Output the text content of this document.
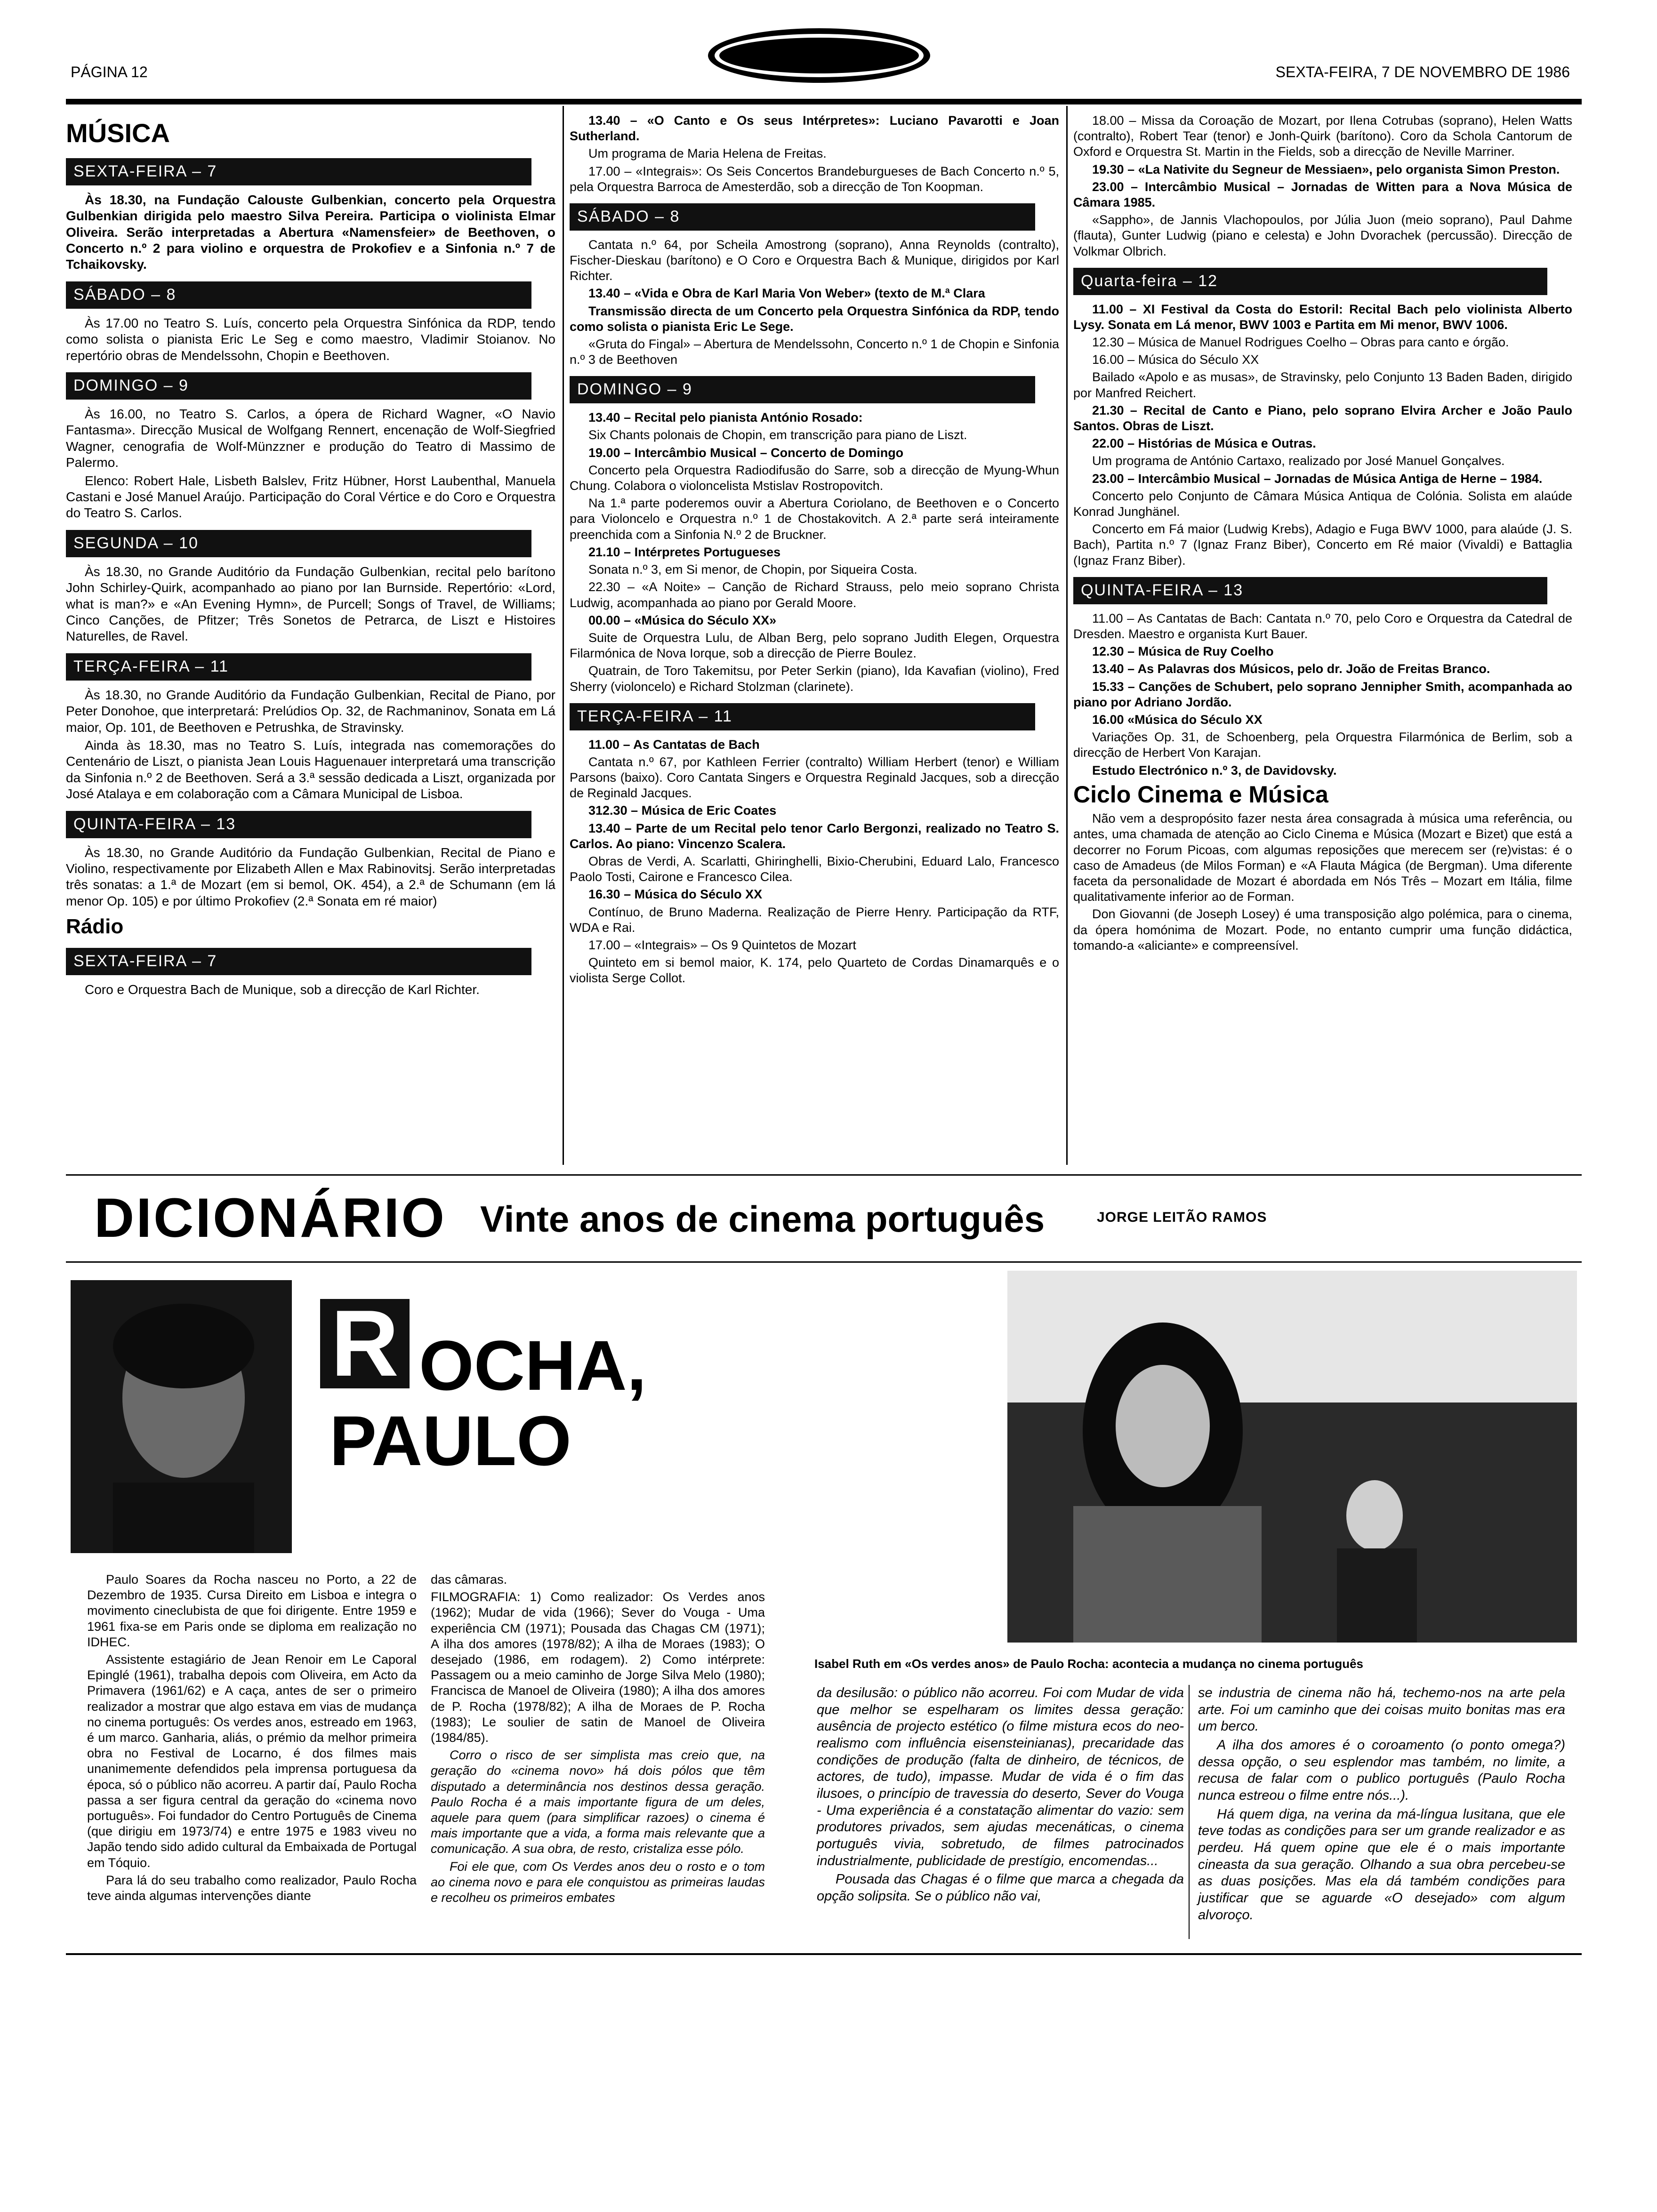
PÁGINA 12	SEXTA-FEIRA, 7 DE NOVEMBRO DE 1986
MÚSICA
SEXTA-FEIRA – 7

Às 18.30, na Fundação Calouste Gulbenkian, concerto pela Orquestra Gulbenkian dirigida pelo maestro Silva Pereira. Participa o violinista Elmar Oliveira. Serão interpretadas a Abertura «Namensfeier» de Beethoven, o Concerto n.º 2 para violino e orquestra de Prokofiev e a Sinfonia n.º 7 de Tchaikovsky.

SÁBADO – 8

Às 17.00 no Teatro S. Luís, concerto pela Orquestra Sinfónica da RDP, tendo como solista o pianista Eric Le Seg e como maestro, Vladimir Stoianov. No repertório obras de Mendelssohn, Chopin e Beethoven.

DOMINGO – 9

Às 16.00, no Teatro S. Carlos, a ópera de Richard Wagner, «O Navio Fantasma». Direcção Musical de Wolfgang Rennert, encenação de Wolf-Siegfried Wagner, cenografia de Wolf-Münzzner e produção do Teatro di Massimo de Palermo.

Elenco: Robert Hale, Lisbeth Balslev, Fritz Hübner, Horst Laubenthal, Manuela Castani e José Manuel Araújo. Participação do Coral Vértice e do Coro e Orquestra do Teatro S. Carlos.

SEGUNDA – 10

Às 18.30, no Grande Auditório da Fundação Gulbenkian, recital pelo barítono John Schirley-Quirk, acompanhado ao piano por Ian Burnside. Repertório: «Lord, what is man?» e «An Evening Hymn», de Purcell; Songs of Travel, de Williams; Cinco Canções, de Pfitzer; Três Sonetos de Petrarca, de Liszt e Histoires Naturelles, de Ravel.

TERÇA-FEIRA – 11

Às 18.30, no Grande Auditório da Fundação Gulbenkian, Recital de Piano, por Peter Donohoe, que interpretará: Prelúdios Op. 32, de Rachmaninov, Sonata em Lá maior, Op. 101, de Beethoven e Petrushka, de Stravinsky.

Ainda às 18.30, mas no Teatro S. Luís, integrada nas comemorações do Centenário de Liszt, o pianista Jean Louis Haguenauer interpretará uma transcrição da Sinfonia n.º 2 de Beethoven. Será a 3.ª sessão dedicada a Liszt, organizada por José Atalaya e em colaboração com a Câmara Municipal de Lisboa.

QUINTA-FEIRA – 13

Às 18.30, no Grande Auditório da Fundação Gulbenkian, Recital de Piano e Violino, respectivamente por Elizabeth Allen e Max Rabinovitsj. Serão interpretadas três sonatas: a 1.ª de Mozart (em si bemol, OK. 454), a 2.ª de Schumann (em lá menor Op. 105) e por último Prokofiev (2.ª Sonata em ré maior)

Rádio
SEXTA-FEIRA – 7

Coro e Orquestra Bach de Munique, sob a direcção de Karl Richter.

13.40 – «O Canto e Os seus Intérpretes»: Luciano Pavarotti e Joan Sutherland.

Um programa de Maria Helena de Freitas.

17.00 – «Integrais»: Os Seis Concertos Brandeburgueses de Bach Concerto n.º 5, pela Orquestra Barroca de Amesterdão, sob a direcção de Ton Koopman.

SÁBADO – 8

Cantata n.º 64, por Scheila Amostrong (soprano), Anna Reynolds (contralto), Fischer-Dieskau (barítono) e O Coro e Orquestra Bach & Munique, dirigidos por Karl Richter.

13.40 – «Vida e Obra de Karl Maria Von Weber» (texto de M.ª Clara

Transmissão directa de um Concerto pela Orquestra Sinfónica da RDP, tendo como solista o pianista Eric Le Sege.

«Gruta do Fingal» – Abertura de Mendelssohn, Concerto n.º 1 de Chopin e Sinfonia n.º 3 de Beethoven

DOMINGO – 9

13.40 – Recital pelo pianista António Rosado:

Six Chants polonais de Chopin, em transcrição para piano de Liszt.

19.00 – Intercâmbio Musical – Concerto de Domingo

Concerto pela Orquestra Radiodifusão do Sarre, sob a direcção de Myung-Whun Chung. Colabora o violoncelista Mstislav Rostropovitch.

Na 1.ª parte poderemos ouvir a Abertura Coriolano, de Beethoven e o Concerto para Violoncelo e Orquestra n.º 1 de Chostakovitch. A 2.ª parte será inteiramente preenchida com a Sinfonia N.º 2 de Bruckner.

21.10 – Intérpretes Portugueses

Sonata n.º 3, em Si menor, de Chopin, por Siqueira Costa.

22.30 – «A Noite» – Canção de Richard Strauss, pelo meio soprano Christa Ludwig, acompanhada ao piano por Gerald Moore.

00.00 – «Música do Século XX»

Suite de Orquestra Lulu, de Alban Berg, pelo soprano Judith Elegen, Orquestra Filarmónica de Nova Iorque, sob a direcção de Pierre Boulez.

Quatrain, de Toro Takemitsu, por Peter Serkin (piano), Ida Kavafian (violino), Fred Sherry (violoncelo) e Richard Stolzman (clarinete).

TERÇA-FEIRA – 11

11.00 – As Cantatas de Bach

Cantata n.º 67, por Kathleen Ferrier (contralto) William Herbert (tenor) e William Parsons (baixo). Coro Cantata Singers e Orquestra Reginald Jacques, sob a direcção de Reginald Jacques.

312.30 – Música de Eric Coates

13.40 – Parte de um Recital pelo tenor Carlo Bergonzi, realizado no Teatro S. Carlos. Ao piano: Vincenzo Scalera.

Obras de Verdi, A. Scarlatti, Ghiringhelli, Bixio-Cherubini, Eduard Lalo, Francesco Paolo Tosti, Cairone e Francesco Cilea.

16.30 – Música do Século XX

Contínuo, de Bruno Maderna. Realização de Pierre Henry. Participação da RTF, WDA e Rai.

17.00 – «Integrais» – Os 9 Quintetos de Mozart

Quinteto em si bemol maior, K. 174, pelo Quarteto de Cordas Dinamarquês e o violista Serge Collot.

18.00 – Missa da Coroação de Mozart, por Ilena Cotrubas (soprano), Helen Watts (contralto), Robert Tear (tenor) e Jonh-Quirk (barítono). Coro da Schola Cantorum de Oxford e Orquestra St. Martin in the Fields, sob a direcção de Neville Marriner.

19.30 – «La Nativite du Segneur de Messiaen», pelo organista Simon Preston.

23.00 – Intercâmbio Musical – Jornadas de Witten para a Nova Música de Câmara 1985.

«Sappho», de Jannis Vlachopoulos, por Júlia Juon (meio soprano), Paul Dahme (flauta), Gunter Ludwig (piano e celesta) e John Dvorachek (percussão). Direcção de Volkmar Olbrich.

Quarta-feira – 12

11.00 – XI Festival da Costa do Estoril: Recital Bach pelo violinista Alberto Lysy. Sonata em Lá menor, BWV 1003 e Partita em Mi menor, BWV 1006.

12.30 – Música de Manuel Rodrigues Coelho – Obras para canto e órgão.

16.00 – Música do Século XX

Bailado «Apolo e as musas», de Stravinsky, pelo Conjunto 13 Baden Baden, dirigido por Manfred Reichert.

21.30 – Recital de Canto e Piano, pelo soprano Elvira Archer e João Paulo Santos. Obras de Liszt.

22.00 – Histórias de Música e Outras.

Um programa de António Cartaxo, realizado por José Manuel Gonçalves.

23.00 – Intercâmbio Musical – Jornadas de Música Antiga de Herne – 1984.

Concerto pelo Conjunto de Câmara Música Antiqua de Colónia. Solista em alaúde Konrad Junghänel.

Concerto em Fá maior (Ludwig Krebs), Adagio e Fuga BWV 1000, para alaúde (J. S. Bach), Partita n.º 7 (Ignaz Franz Biber), Concerto em Ré maior (Vivaldi) e Battaglia (Ignaz Franz Biber).

QUINTA-FEIRA – 13

11.00 – As Cantatas de Bach: Cantata n.º 70, pelo Coro e Orquestra da Catedral de Dresden. Maestro e organista Kurt Bauer.

12.30 – Música de Ruy Coelho

13.40 – As Palavras dos Músicos, pelo dr. João de Freitas Branco.

15.33 – Canções de Schubert, pelo soprano Jennipher Smith, acompanhada ao piano por Adriano Jordão.

16.00 «Música do Século XX

Variações Op. 31, de Schoenberg, pela Orquestra Filarmónica de Berlim, sob a direcção de Herbert Von Karajan.

Estudo Electrónico n.º 3, de Davidovsky.

Ciclo Cinema e Música

Não vem a despropósito fazer nesta área consagrada à música uma referência, ou antes, uma chamada de atenção ao Ciclo Cinema e Música (Mozart e Bizet) que está a decorrer no Forum Picoas, com algumas reposições que merecem ser (re)vistas: é o caso de Amadeus (de Milos Forman) e «A Flauta Mágica (de Bergman). Uma diferente faceta da personalidade de Mozart é abordada em Nós Três – Mozart em Itália, filme qualitativamente inferior ao de Forman.

Don Giovanni (de Joseph Losey) é uma transposição algo polémica, para o cinema, da ópera homónima de Mozart. Pode, no entanto cumprir uma função didáctica, tomando-a «aliciante» e compreensível.

DICIONÁRIO Vinte anos de cinema português	JORGE LEITÃO RAMOS
R OCHA,
PAULO
Isabel Ruth em «Os verdes anos» de Paulo Rocha: acontecia a mudança no cinema português

Paulo Soares da Rocha nasceu no Porto, a 22 de Dezembro de 1935. Cursa Direito em Lisboa e integra o movimento cineclubista de que foi dirigente. Entre 1959 e 1961 fixa-se em Paris onde se diploma em realização no IDHEC.

Assistente estagiário de Jean Renoir em Le Caporal Epinglé (1961), trabalha depois com Oliveira, em Acto da Primavera (1961/62) e A caça, antes de ser o primeiro realizador a mostrar que algo estava em vias de mudança no cinema português: Os verdes anos, estreado em 1963, é um marco. Ganharia, aliás, o prémio da melhor primeira obra no Festival de Locarno, é dos filmes mais unanimemente defendidos pela imprensa portuguesa da época, só o público não acorreu. A partir daí, Paulo Rocha passa a ser figura central da geração do «cinema novo português». Foi fundador do Centro Português de Cinema (que dirigiu em 1973/74) e entre 1975 e 1983 viveu no Japão tendo sido adido cultural da Embaixada de Portugal em Tóquio.

Para lá do seu trabalho como realizador, Paulo Rocha teve ainda algumas intervenções diante

das câmaras.

FILMOGRAFIA: 1) Como realizador: Os Verdes anos (1962); Mudar de vida (1966); Sever do Vouga - Uma experiência CM (1971); Pousada das Chagas CM (1971); A ilha dos amores (1978/82); A ilha de Moraes (1983); O desejado (1986, em rodagem). 2) Como intérprete: Passagem ou a meio caminho de Jorge Silva Melo (1980); Francisca de Manoel de Oliveira (1980); A ilha dos amores de P. Rocha (1978/82); A ilha de Moraes de P. Rocha (1983); Le soulier de satin de Manoel de Oliveira (1984/85).

Corro o risco de ser simplista mas creio que, na geração do «cinema novo» há dois pólos que têm disputado a determinância nos destinos dessa geração. Paulo Rocha é a mais importante figura de um deles, aquele para quem (para simplificar razoes) o cinema é mais importante que a vida, a forma mais relevante que a comunicação. A sua obra, de resto, cristaliza esse pólo.

Foi ele que, com Os Verdes anos deu o rosto e o tom ao cinema novo e para ele conquistou as primeiras laudas e recolheu os primeiros embates

da desilusão: o público não acorreu. Foi com Mudar de vida que melhor se espelharam os limites dessa geração: ausência de projecto estético (o filme mistura ecos do neo-realismo com influência eisensteinianas), precaridade das condições de produção (falta de dinheiro, de técnicos, de actores, de tudo), impasse. Mudar de vida é o fim das ilusoes, o princípio de travessia do deserto, Sever do Vouga - Uma experiência é a constatação alimentar do vazio: sem produtores privados, sem ajudas mecenáticas, o cinema português vivia, sobretudo, de filmes patrocinados industrialmente, publicidade de prestígio, encomendas...

Pousada das Chagas é o filme que marca a chegada da opção solipsita. Se o público não vai,

se industria de cinema não há, techemo-nos na arte pela arte. Foi um caminho que dei coisas muito bonitas mas era um berco.

A ilha dos amores é o coroamento (o ponto omega?) dessa opção, o seu esplendor mas também, no limite, a recusa de falar com o publico português (Paulo Rocha nunca estreou o filme entre nós...).

Há quem diga, na verina da má-língua lusitana, que ele teve todas as condições para ser um grande realizador e as perdeu. Há quem opine que ele é o mais importante cineasta da sua geração. Olhando a sua obra percebeu-se as duas posições. Mas ela dá também condições para justificar que se aguarde «O desejado» com algum alvoroço.
